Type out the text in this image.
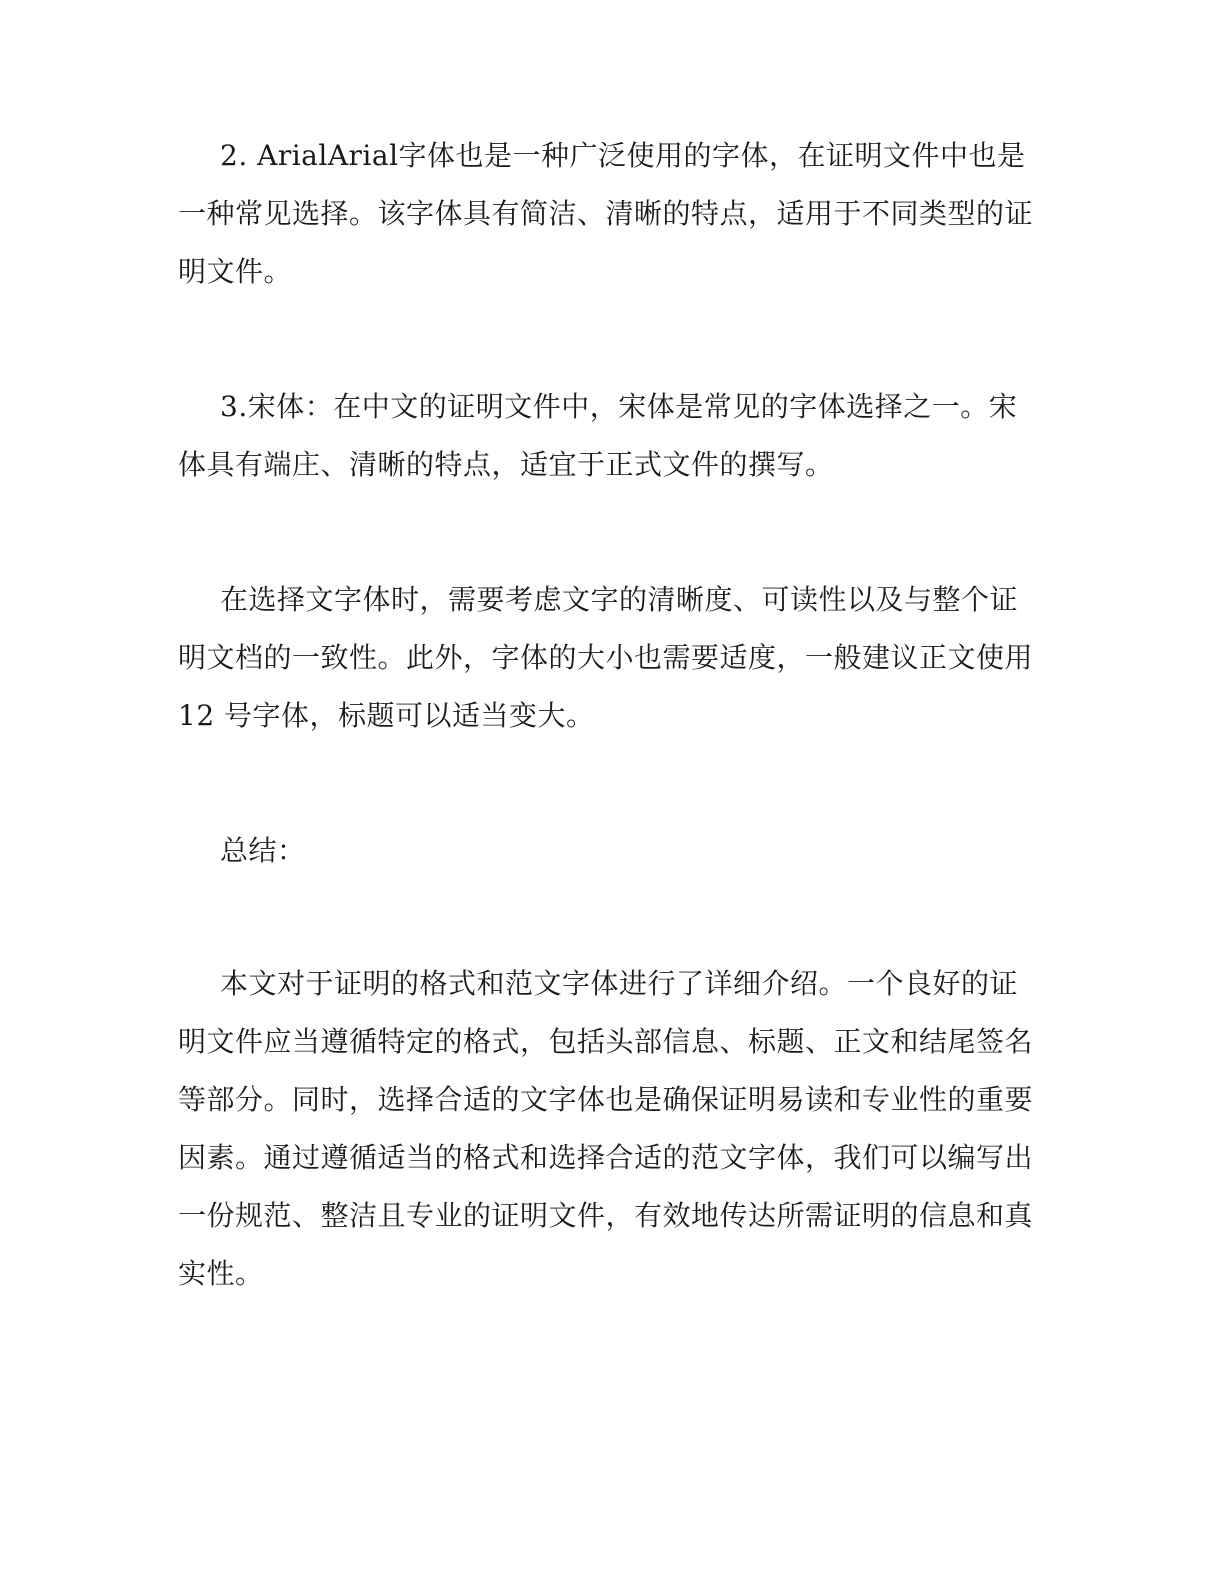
2. ArialArial字体也是一种广泛使用的字体，在证明文件中也是一种常见选择。该字体具有简洁、清晰的特点，适用于不同类型的证明文件。

3.宋体：在中文的证明文件中，宋体是常见的字体选择之一。宋体具有端庄、清晰的特点，适宜于正式文件的撰写。

在选择文字体时，需要考虑文字的清晰度、可读性以及与整个证明文档的一致性。此外，字体的大小也需要适度，一般建议正文使用 12 号字体，标题可以适当变大。

总结：

本文对于证明的格式和范文字体进行了详细介绍。一个良好的证明文件应当遵循特定的格式，包括头部信息、标题、正文和结尾签名等部分。同时，选择合适的文字体也是确保证明易读和专业性的重要因素。通过遵循适当的格式和选择合适的范文字体，我们可以编写出一份规范、整洁且专业的证明文件，有效地传达所需证明的信息和真实性。
